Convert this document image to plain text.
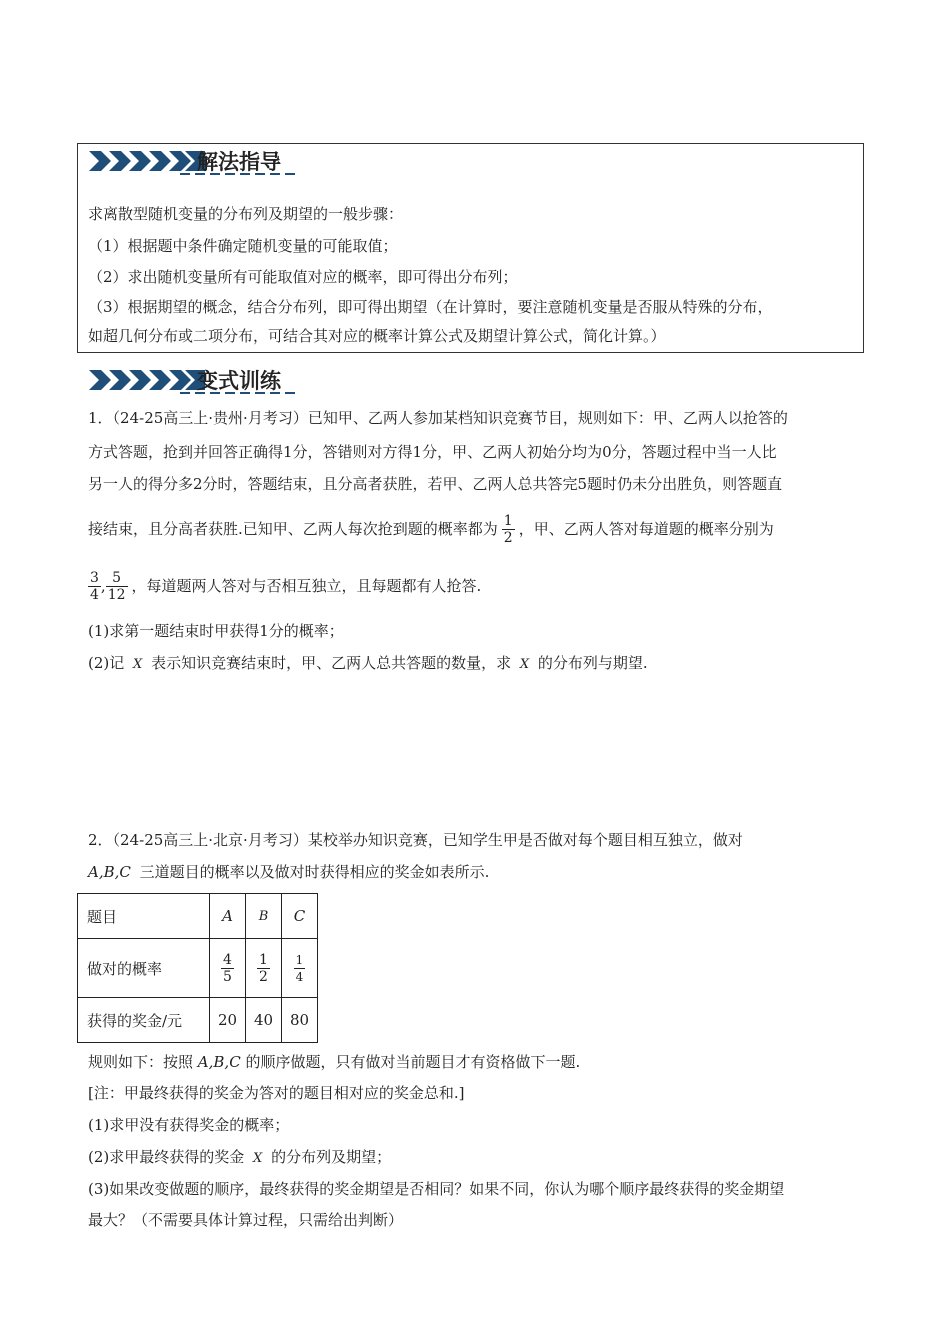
解法指导
求离散型随机变量的分布列及期望的一般步骤：
（1）根据题中条件确定随机变量的可能取值；
（2）求出随机变量所有可能取值对应的概率，即可得出分布列；
（3）根据期望的概念，结合分布列，即可得出期望（在计算时，要注意随机变量是否服从特殊的分布，
如超几何分布或二项分布，可结合其对应的概率计算公式及期望计算公式，简化计算。）
变式训练
1．（24-25高三上·贵州·月考习）已知甲、乙两人参加某档知识竞赛节目，规则如下：甲、乙两人以抢答的
方式答题，抢到并回答正确得1分，答错则对方得1分，甲、乙两人初始分均为0分，答题过程中当一人比
另一人的得分多2分时，答题结束，且分高者获胜，若甲、乙两人总共答完5题时仍未分出胜负，则答题直
接结束，且分高者获胜.已知甲、乙两人每次抢到题的概率都为 $\frac{1}{2}$ ，甲、乙两人答对每道题的概率分别为
$\frac{3}{4}$ , $\frac{5}{12}$ ，每道题两人答对与否相互独立，且每题都有人抢答.
(1)求第一题结束时甲获得1分的概率；
(2)记 X 表示知识竞赛结束时，甲、乙两人总共答题的数量，求 X 的分布列与期望.
2．（24-25高三上·北京·月考习）某校举办知识竞赛，已知学生甲是否做对每个题目相互独立，做对
A,B,C 三道题目的概率以及做对时获得相应的奖金如表所示.
题目	A	B	C
做对的概率	$\frac{4}{5}$	$\frac{1}{2}$	$\frac{1}{4}$

获得的奖金/元	20	40	80
规则如下：按照 A,B,C 的顺序做题，只有做对当前题目才有资格做下一题.
[注：甲最终获得的奖金为答对的题目相对应的奖金总和.]
(1)求甲没有获得奖金的概率；
(2)求甲最终获得的奖金 X 的分布列及期望；
(3)如果改变做题的顺序，最终获得的奖金期望是否相同？如果不同，你认为哪个顺序最终获得的奖金期望
最大？（不需要具体计算过程，只需给出判断）
